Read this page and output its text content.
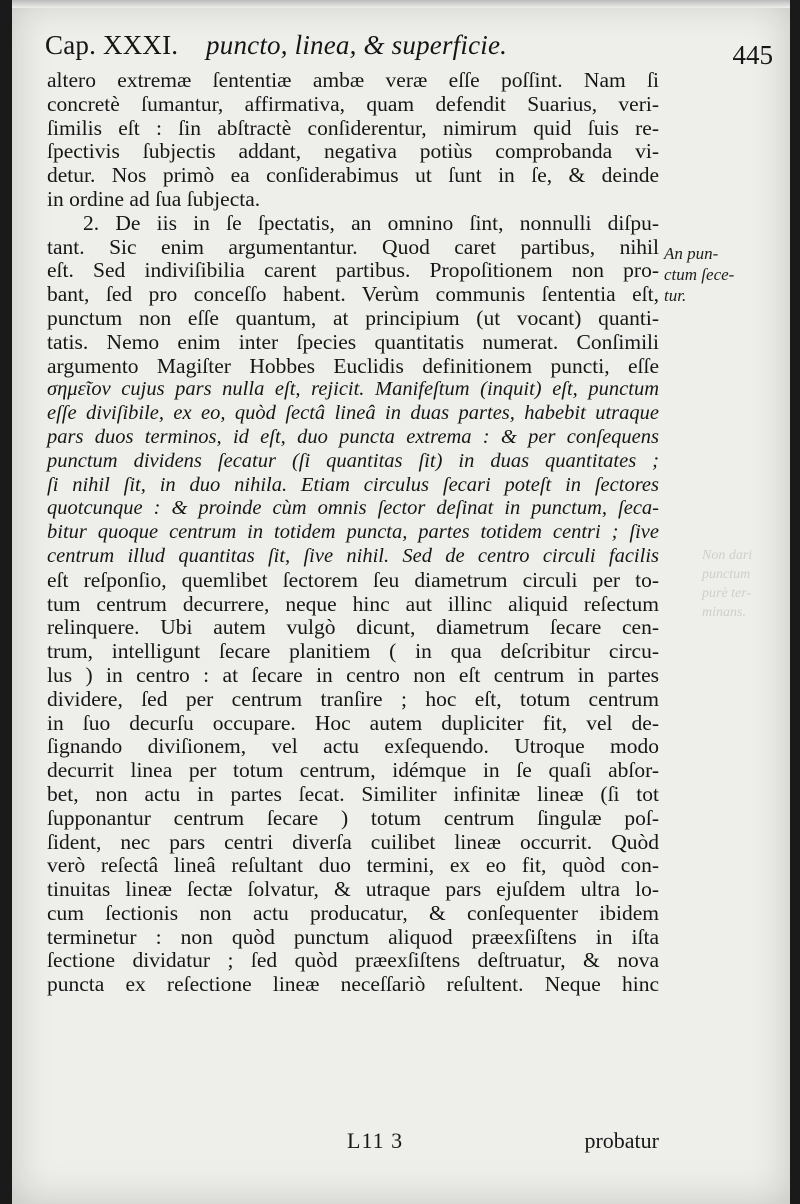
Cap. XXXI. puncto, linea, & superficie.	445
altero extremæ ſententiæ ambæ veræ eſſe poſſint. Nam ſi
concretè ſumantur, affirmativa, quam defendit Suarius, veri-
ſimilis eſt : ſin abſtractè conſiderentur, nimirum quid ſuis re-
ſpectivis ſubjectis addant, negativa potiùs comprobanda vi-
detur. Nos primò ea conſiderabimus ut ſunt in ſe, & deinde
in ordine ad ſua ſubjecta.
2. De iis in ſe ſpectatis, an omnino ſint, nonnulli diſpu-
tant. Sic enim argumentantur. Quod caret partibus, nihil
eſt. Sed indiviſibilia carent partibus. Propoſitionem non pro-
bant, ſed pro conceſſo habent. Verùm communis ſententia eſt,
punctum non eſſe quantum, at principium (ut vocant) quanti-
tatis. Nemo enim inter ſpecies quantitatis numerat. Conſimili
argumento Magiſter Hobbes Euclidis definitionem puncti, eſſe
σημεῖον cujus pars nulla eſt, rejicit. Manifeſtum (inquit) eſt, punctum
eſſe diviſibile, ex eo, quòd ſectâ lineâ in duas partes, habebit utraque
pars duos terminos, id eſt, duo puncta extrema : & per conſequens
punctum dividens ſecatur (ſi quantitas ſit) in duas quantitates ;
ſi nihil ſit, in duo nihila. Etiam circulus ſecari poteſt in ſectores
quotcunque : & proinde cùm omnis ſector deſinat in punctum, ſeca-
bitur quoque centrum in totidem puncta, partes totidem centri ; ſive
centrum illud quantitas ſit, ſive nihil. Sed de centro circuli facilis
eſt reſponſio, quemlibet ſectorem ſeu diametrum circuli per to-
tum centrum decurrere, neque hinc aut illinc aliquid reſectum
relinquere. Ubi autem vulgò dicunt, diametrum ſecare cen-
trum, intelligunt ſecare planitiem ( in qua deſcribitur circu-
lus ) in centro : at ſecare in centro non eſt centrum in partes
dividere, ſed per centrum tranſire ; hoc eſt, totum centrum
in ſuo decurſu occupare. Hoc autem dupliciter fit, vel de-
ſignando diviſionem, vel actu exſequendo. Utroque modo
decurrit linea per totum centrum, idémque in ſe quaſi abſor-
bet, non actu in partes ſecat. Similiter infinitæ lineæ (ſi tot
ſupponantur centrum ſecare ) totum centrum ſingulæ poſ-
ſident, nec pars centri diverſa cuilibet lineæ occurrit. Quòd
verò reſectâ lineâ reſultant duo termini, ex eo fit, quòd con-
tinuitas lineæ ſectæ ſolvatur, & utraque pars ejuſdem ultra lo-
cum ſectionis non actu producatur, & conſequenter ibidem
terminetur : non quòd punctum aliquod præexſiſtens in iſta
ſectione dividatur ; ſed quòd præexſiſtens deſtruatur, & nova
puncta ex reſectione lineæ neceſſariò reſultent. Neque hinc
An pun-
ctum ſece-
tur.
Non dari
punctum
purè ter-
minans.
L11 3	probatur
